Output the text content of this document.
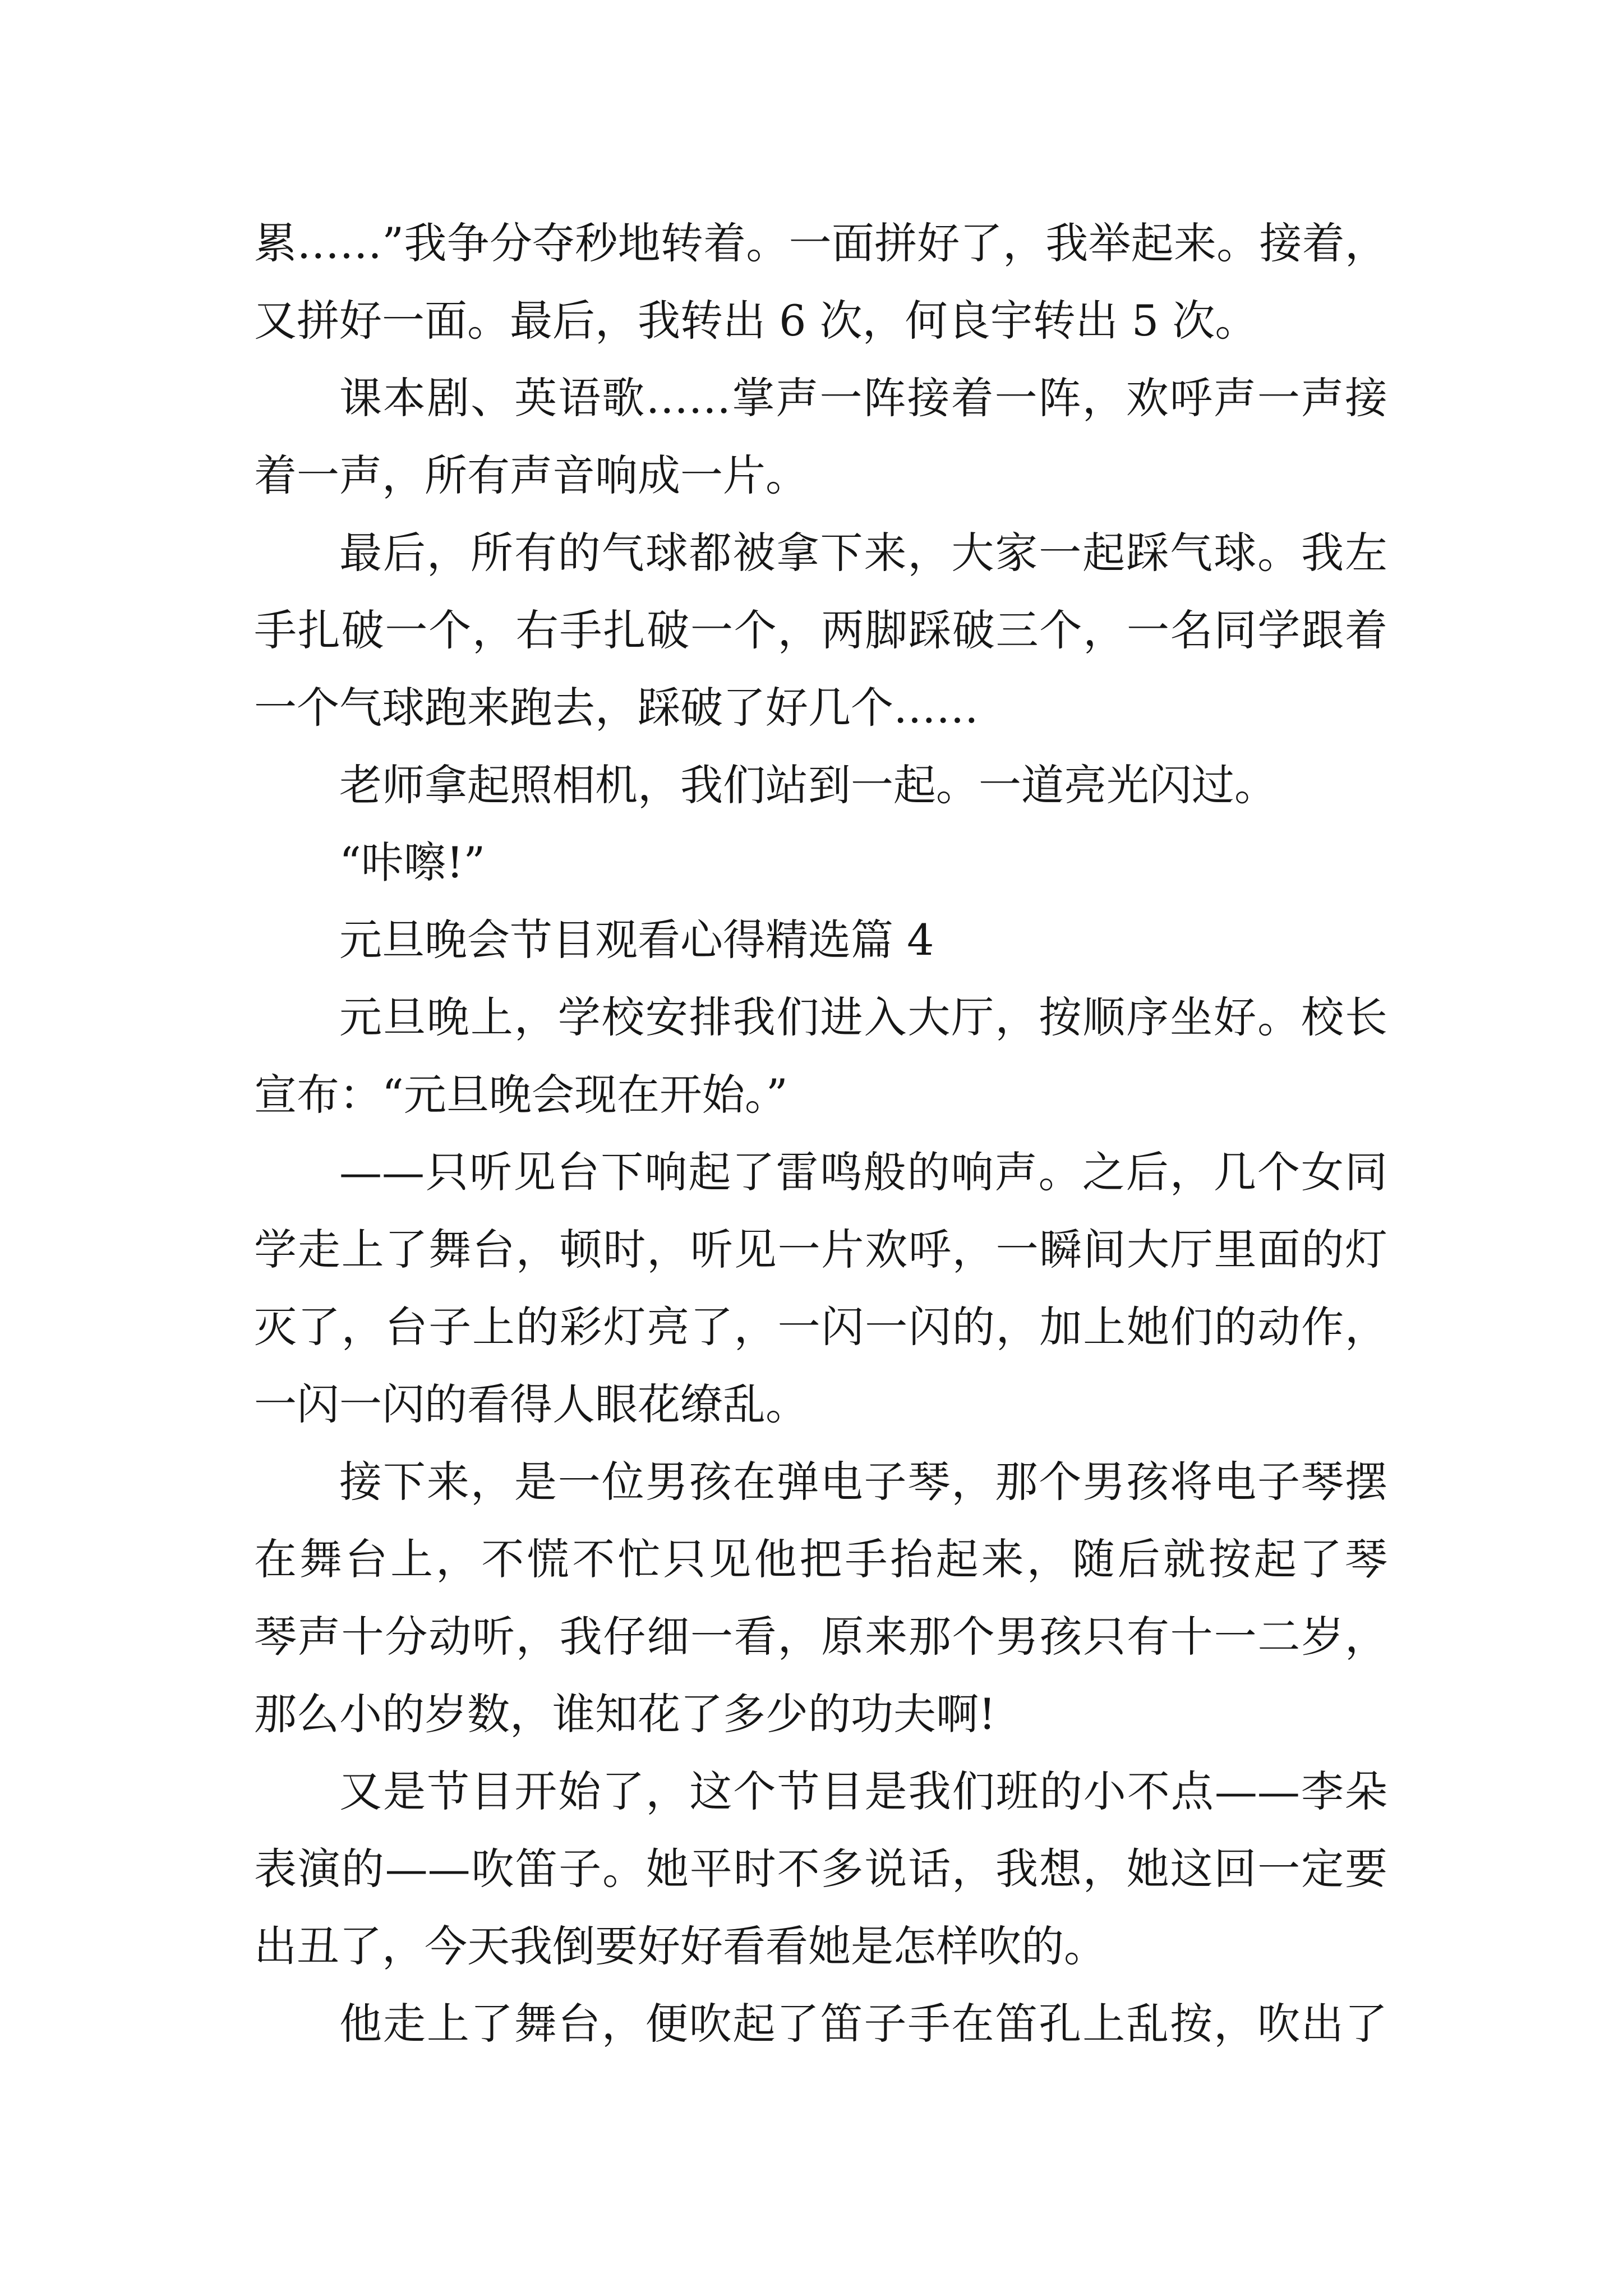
累……”我争分夺秒地转着。一面拼好了，我举起来。接着，
又拼好一面。最后，我转出 6 次，何良宇转出 5 次。
课本剧、英语歌……掌声一阵接着一阵，欢呼声一声接
着一声，所有声音响成一片。
最后，所有的气球都被拿下来，大家一起踩气球。我左
手扎破一个，右手扎破一个，两脚踩破三个，一名同学跟着
一个气球跑来跑去，踩破了好几个……
老师拿起照相机，我们站到一起。一道亮光闪过。
“咔嚓!”
元旦晚会节目观看心得精选篇 4
元旦晚上，学校安排我们进入大厅，按顺序坐好。校长
宣布：“元旦晚会现在开始。”
——只听见台下响起了雷鸣般的响声。之后，几个女同
学走上了舞台，顿时，听见一片欢呼，一瞬间大厅里面的灯
灭了，台子上的彩灯亮了，一闪一闪的，加上她们的动作，
一闪一闪的看得人眼花缭乱。
接下来，是一位男孩在弹电子琴，那个男孩将电子琴摆
在舞台上，不慌不忙只见他把手抬起来，随后就按起了琴
琴声十分动听，我仔细一看，原来那个男孩只有十一二岁，
那么小的岁数，谁知花了多少的功夫啊!
又是节目开始了，这个节目是我们班的小不点——李朵
表演的——吹笛子。她平时不多说话，我想，她这回一定要
出丑了，今天我倒要好好看看她是怎样吹的。
他走上了舞台，便吹起了笛子手在笛孔上乱按，吹出了
